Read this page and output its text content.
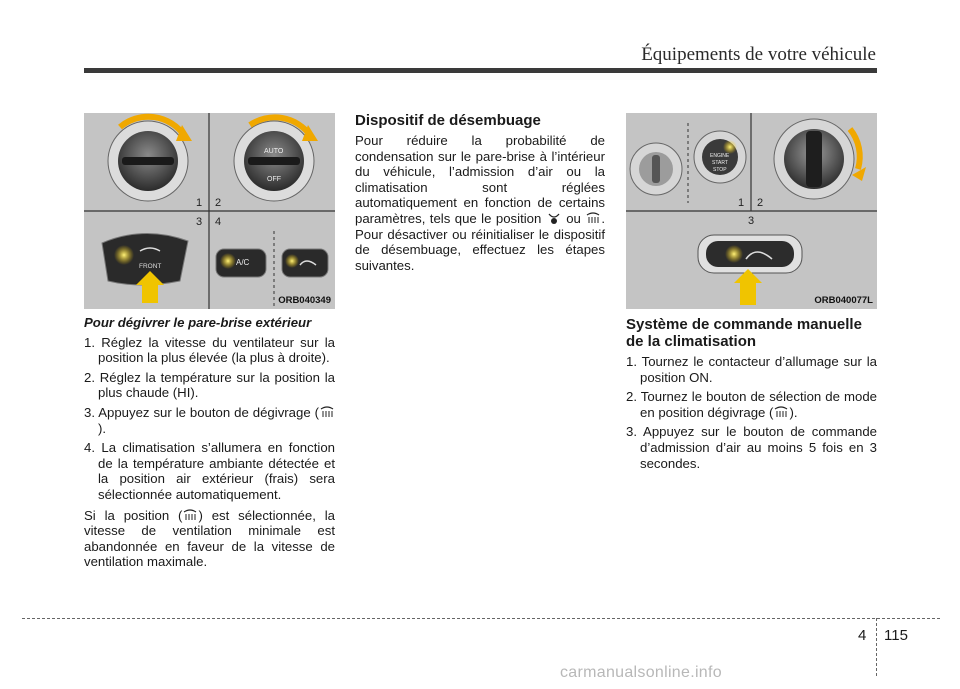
Équipements de votre véhicule
AUTO
OFF
1 2
3 4
FRONT	A/C
ORB040349
ENGINE
START
STOP
1 2
3
ORB040077L
Pour dégivrer le pare-brise extérieur
1. Réglez la vitesse du ventilateur sur la position la plus élevée (la plus à droite).
2. Réglez la température sur la position la plus chaude (HI).
3. Appuyez sur le bouton de dégivrage ().
4. La climatisation s’allumera en fonction de la température ambiante détectée et la position air extérieur (frais) sera sélectionnée automatiquement.

Si la position ( ) est sélectionnée, la vitesse de ventilation minimale est abandonnée en faveur de la vitesse de ventilation maximale.

Dispositif de désembuage

Pour réduire la probabilité de condensation sur le pare-brise à l’intérieur du véhicule, l’admission d’air ou la climatisation sont réglées automatiquement en fonction de certains paramètres, tels que le position ou . Pour désactiver ou réinitialiser le dispositif de désembuage, effectuez les étapes suivantes.

Système de commande manuelle de la climatisation
1. Tournez le contacteur d’allumage sur la position ON.
2. Tournez le bouton de sélection de mode en position dégivrage ( ).
3. Appuyez sur le bouton de commande d’admission d’air au moins 5 fois en 3 secondes.
4 115
carmanualsonline.info
